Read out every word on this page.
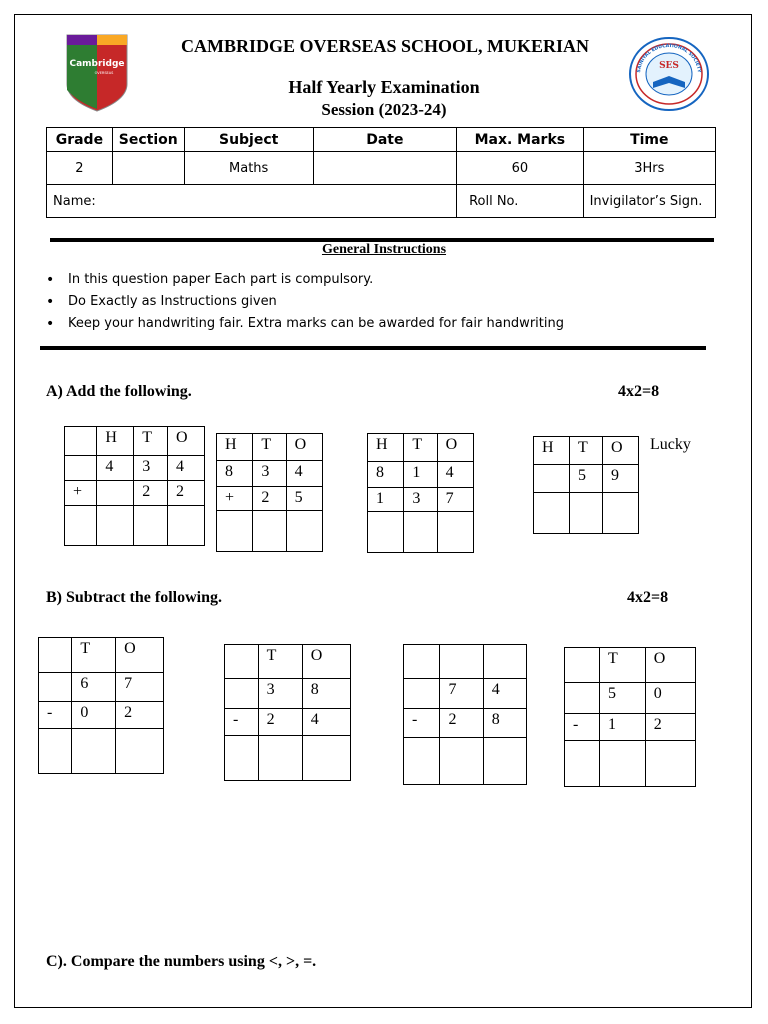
Cambridge
OVERSEAS
SES
SAINIYAL EDUCATIONAL SOCIETY
CAMBRIDGE OVERSEAS SCHOOL, MUKERIAN
Half Yearly Examination
Session (2023-24)
Grade	Section	Subject	Date	Max. Marks	Time
2		Maths		60	3Hrs
Name:				Roll No.	Invigilator’s Sign.
General Instructions
• In this question paper Each part is compulsory.
• Do Exactly as Instructions given
• Keep your handwriting fair. Extra marks can be awarded for fair handwriting
A) Add the following.	4x2=8
Lucky
	H	T	O
	4	3	4
+		2	2

H	T	O
8	3	4
+	2	5

H	T	O
8	1	4
1	3	7

H	T	O
	5	9

B) Subtract the following.	4x2=8
	T	O
	6	7
-	0	2

	T	O
	3	8
-	2	4

	7	4
-	2	8

	T	O
	5	0
-	1	2

C). Compare the numbers using <, >, =.
